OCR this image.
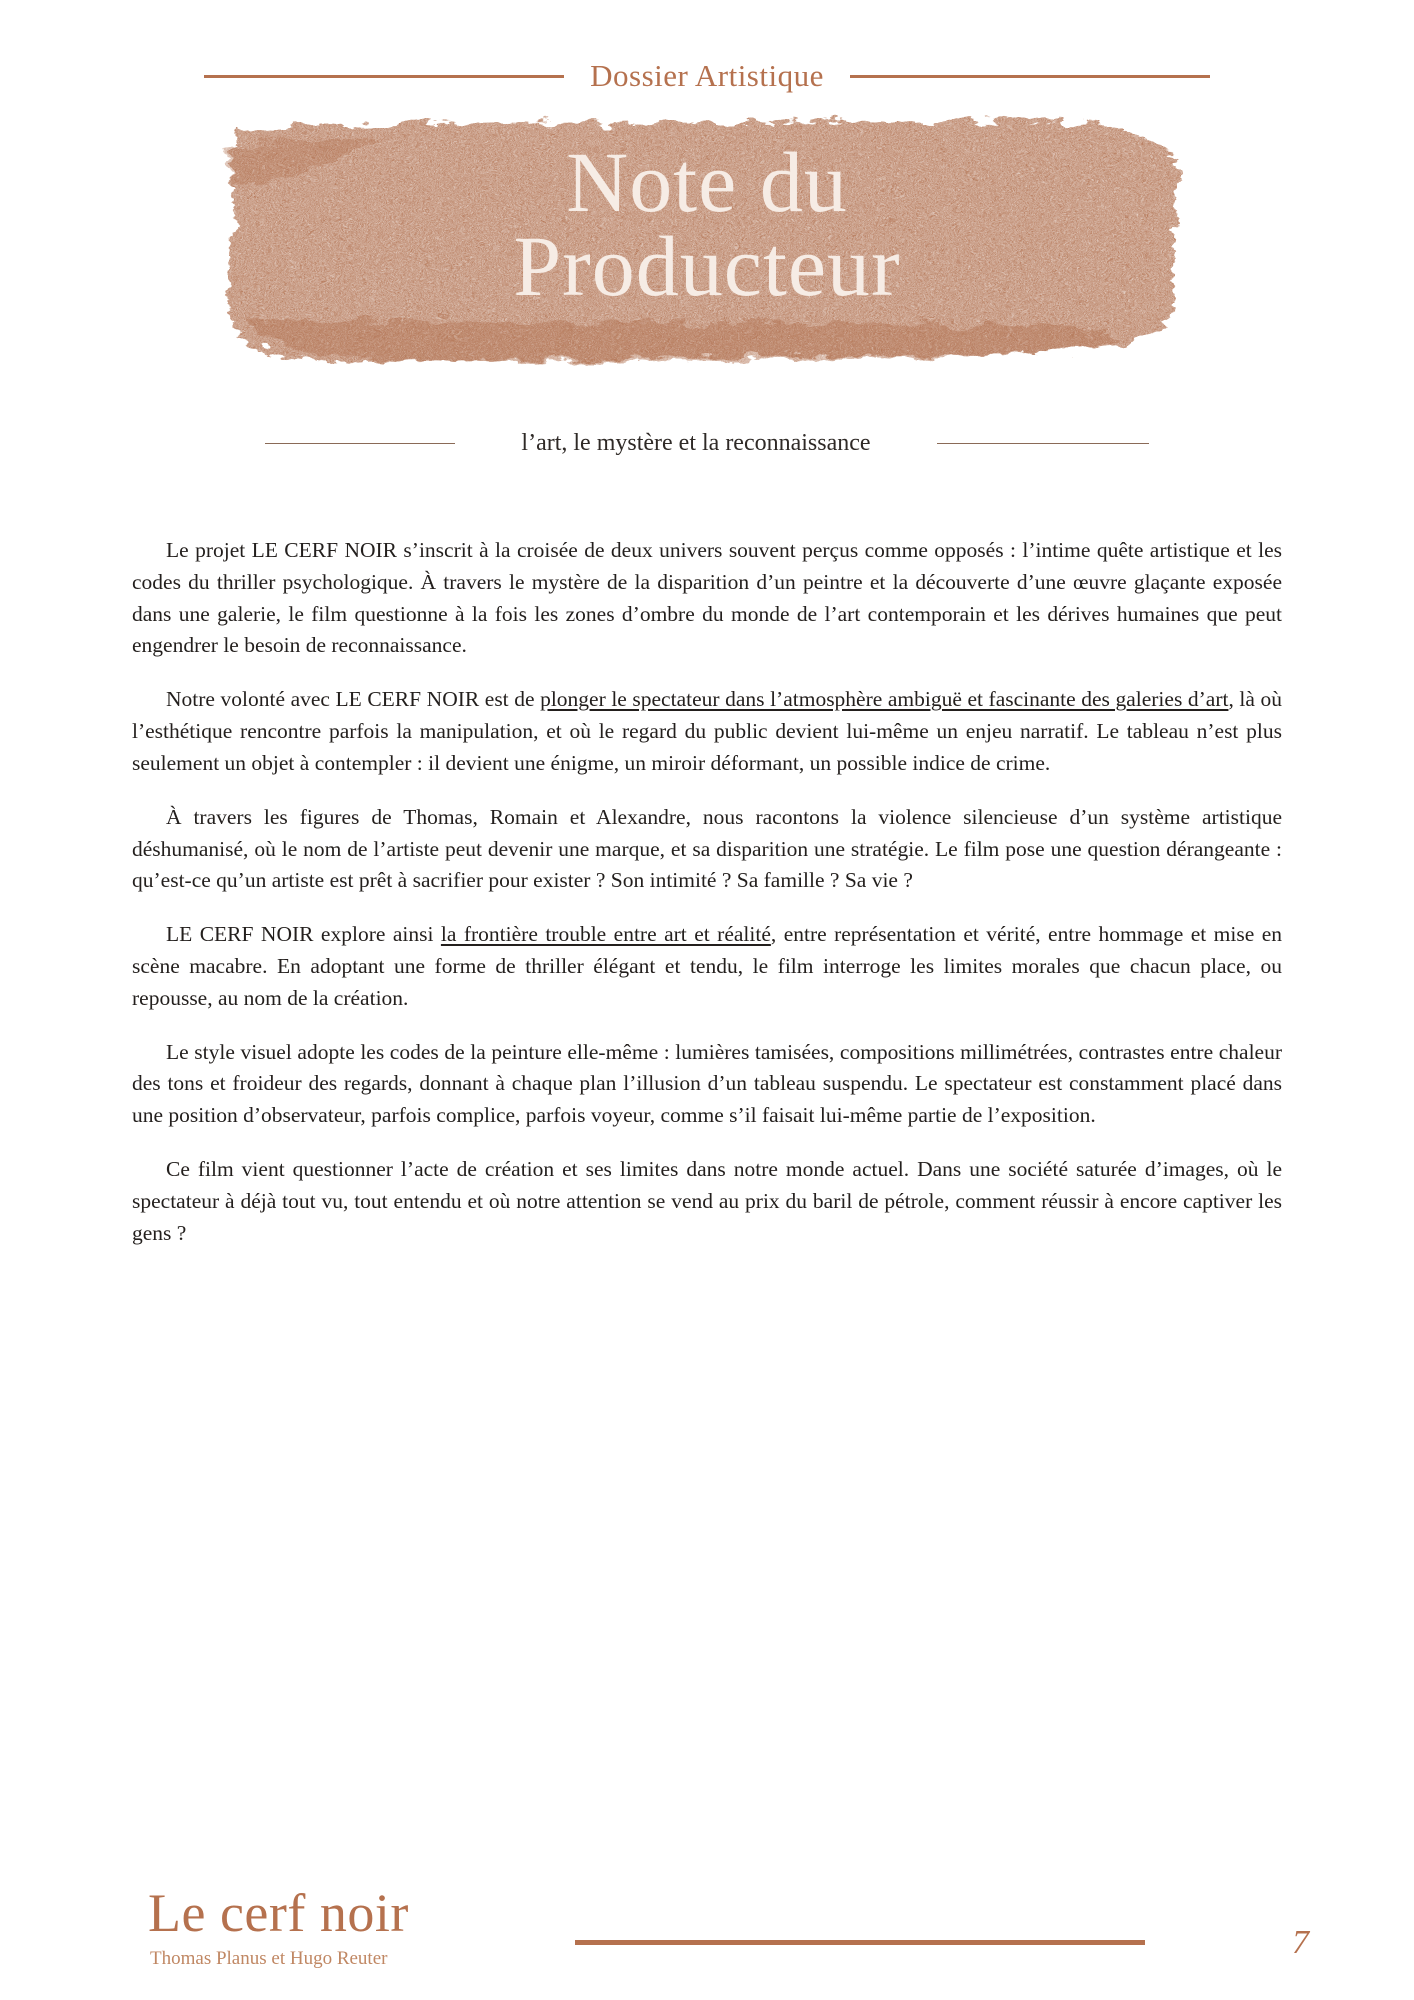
Dossier Artistique
Note du
Producteur
l’art, le mystère et la reconnaissance

Le projet LE CERF NOIR s’inscrit à la croisée de deux univers souvent perçus comme opposés : l’intime quête artistique et les codes du thriller psychologique. À travers le mystère de la disparition d’un peintre et la découverte d’une œuvre glaçante exposée dans une galerie, le film questionne à la fois les zones d’ombre du monde de l’art contemporain et les dérives humaines que peut engendrer le besoin de reconnaissance.

Notre volonté avec LE CERF NOIR est de plonger le spectateur dans l’atmosphère ambiguë et fascinante des galeries d’art, là où l’esthétique rencontre parfois la manipulation, et où le regard du public devient lui-même un enjeu narratif. Le tableau n’est plus seulement un objet à contempler : il devient une énigme, un miroir déformant, un possible indice de crime.

À travers les figures de Thomas, Romain et Alexandre, nous racontons la violence silencieuse d’un système artistique déshumanisé, où le nom de l’artiste peut devenir une marque, et sa disparition une stratégie. Le film pose une question dérangeante : qu’est-ce qu’un artiste est prêt à sacrifier pour exister ? Son intimité ? Sa famille ? Sa vie ?

LE CERF NOIR explore ainsi la frontière trouble entre art et réalité, entre représentation et vérité, entre hommage et mise en scène macabre. En adoptant une forme de thriller élégant et tendu, le film interroge les limites morales que chacun place, ou repousse, au nom de la création.

Le style visuel adopte les codes de la peinture elle-même : lumières tamisées, compositions millimétrées, contrastes entre chaleur des tons et froideur des regards, donnant à chaque plan l’illusion d’un tableau suspendu. Le spectateur est constamment placé dans une position d’observateur, parfois complice, parfois voyeur, comme s’il faisait lui-même partie de l’exposition.

Ce film vient questionner l’acte de création et ses limites dans notre monde actuel. Dans une société saturée d’images, où le spectateur à déjà tout vu, tout entendu et où notre attention se vend au prix du baril de pétrole, comment réussir à encore captiver les gens ?

Le cerf noir
Thomas Planus et Hugo Reuter	7
